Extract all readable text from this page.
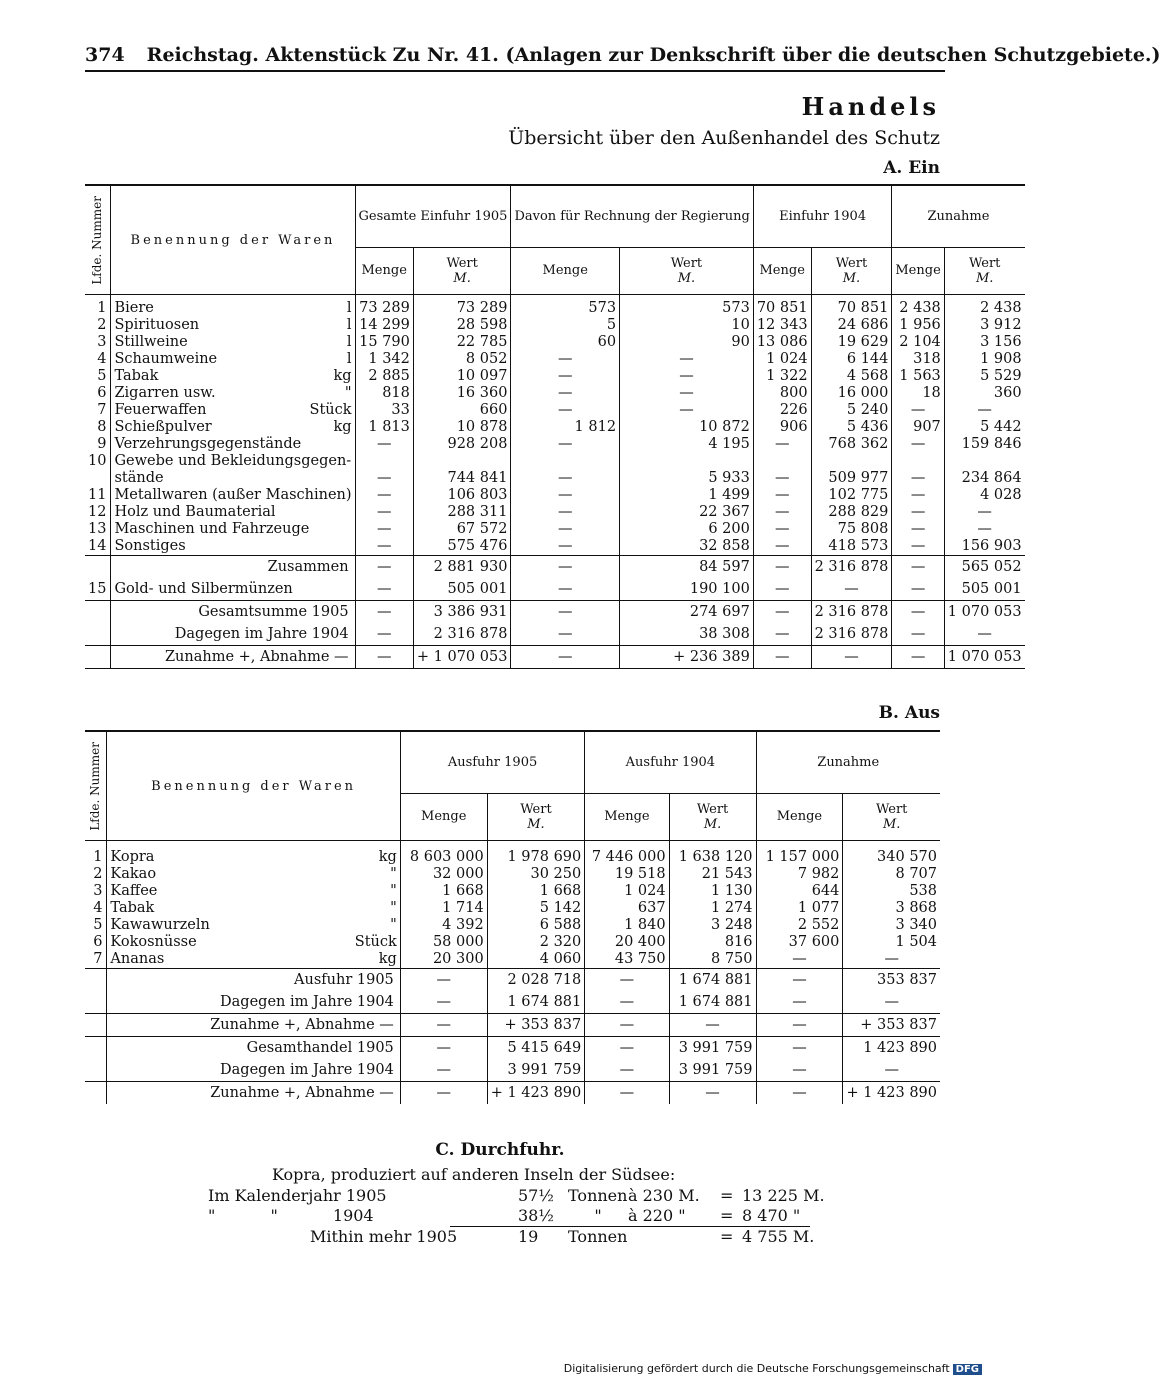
374 Reichstag. Aktenstück Zu Nr. 41. (Anlagen zur Denkschrift über die deutschen Schutzgebiete.)
Handels
Übersicht über den Außenhandel des Schutz
A. Ein
Lfde. Nummer	Benennung der Waren	Gesamte Einfuhr 1905		Davon für Rechnung der Regierung		Einfuhr 1904		Zunahme	
		Menge	Wert
M.	Menge	Wert
M.	Menge	Wert
M.	Menge	Wert
M.
1	Biere l	73 289	73 289	573	573	70 851	70 851	2 438	2 438
2	Spirituosen l	14 299	28 598	5	10	12 343	24 686	1 956	3 912
3	Stillweine l	15 790	22 785	60	90	13 086	19 629	2 104	3 156
4	Schaumweine l	1 342	8 052	—	—	1 024	6 144	318	1 908
5	Tabak kg	2 885	10 097	—	—	1 322	4 568	1 563	5 529
6	Zigarren usw. "	818	16 360	—	—	800	16 000	18	360
7	Feuerwaffen Stück	33	660	—	—	226	5 240	—	—
8	Schießpulver kg	1 813	10 878	1 812	10 872	906	5 436	907	5 442
9	Verzehrungsgegenstände	—	928 208	—	4 195	—	768 362	—	159 846
10	Gewebe und Bekleidungsgegen-								
	stände	—	744 841	—	5 933	—	509 977	—	234 864
11	Metallwaren (außer Maschinen)	—	106 803	—	1 499	—	102 775	—	4 028
12	Holz und Baumaterial	—	288 311	—	22 367	—	288 829	—	—
13	Maschinen und Fahrzeuge	—	67 572	—	6 200	—	75 808	—	—
14	Sonstiges	—	575 476	—	32 858	—	418 573	—	156 903
	Zusammen	—	2 881 930	—	84 597	—	2 316 878	—	565 052
15	Gold- und Silbermünzen	—	505 001	—	190 100	—	—	—	505 001
	Gesamtsumme 1905	—	3 386 931	—	274 697	—	2 316 878	—	1 070 053
	Dagegen im Jahre 1904	—	2 316 878	—	38 308	—	2 316 878	—	—
	Zunahme +, Abnahme —	—	+ 1 070 053	—	+ 236 389	—	—	—	1 070 053
B. Aus
Lfde. Nummer	Benennung der Waren	Ausfuhr 1905		Ausfuhr 1904		Zunahme	
		Menge	Wert
M.	Menge	Wert
M.	Menge	Wert
M.
1	Kopra kg	8 603 000	1 978 690	7 446 000	1 638 120	1 157 000	340 570
2	Kakao "	32 000	30 250	19 518	21 543	7 982	8 707
3	Kaffee "	1 668	1 668	1 024	1 130	644	538
4	Tabak "	1 714	5 142	637	1 274	1 077	3 868
5	Kawawurzeln "	4 392	6 588	1 840	3 248	2 552	3 340
6	Kokosnüsse Stück	58 000	2 320	20 400	816	37 600	1 504
7	Ananas kg	20 300	4 060	43 750	8 750	—	—
	Ausfuhr 1905	—	2 028 718	—	1 674 881	—	353 837
	Dagegen im Jahre 1904	—	1 674 881	—	1 674 881	—	—
	Zunahme +, Abnahme —	—	+ 353 837	—	—	—	+ 353 837
	Gesamthandel 1905	—	5 415 649	—	3 991 759	—	1 423 890
	Dagegen im Jahre 1904	—	3 991 759	—	3 991 759	—	—
	Zunahme +, Abnahme —	—	+ 1 423 890	—	—	—	+ 1 423 890
C. Durchfuhr.
Kopra, produziert auf anderen Inseln der Südsee:
Im Kalenderjahr 1905	57½ Tonnenà 230 M. = 13 225 M.
" " 1904	38½	" à 220 " = 8 470 "
Mithin mehr 1905	19 Tonnen	= 4 755 M.
Digitalisierung gefördert durch die Deutsche Forschungsgemeinschaft DFG
